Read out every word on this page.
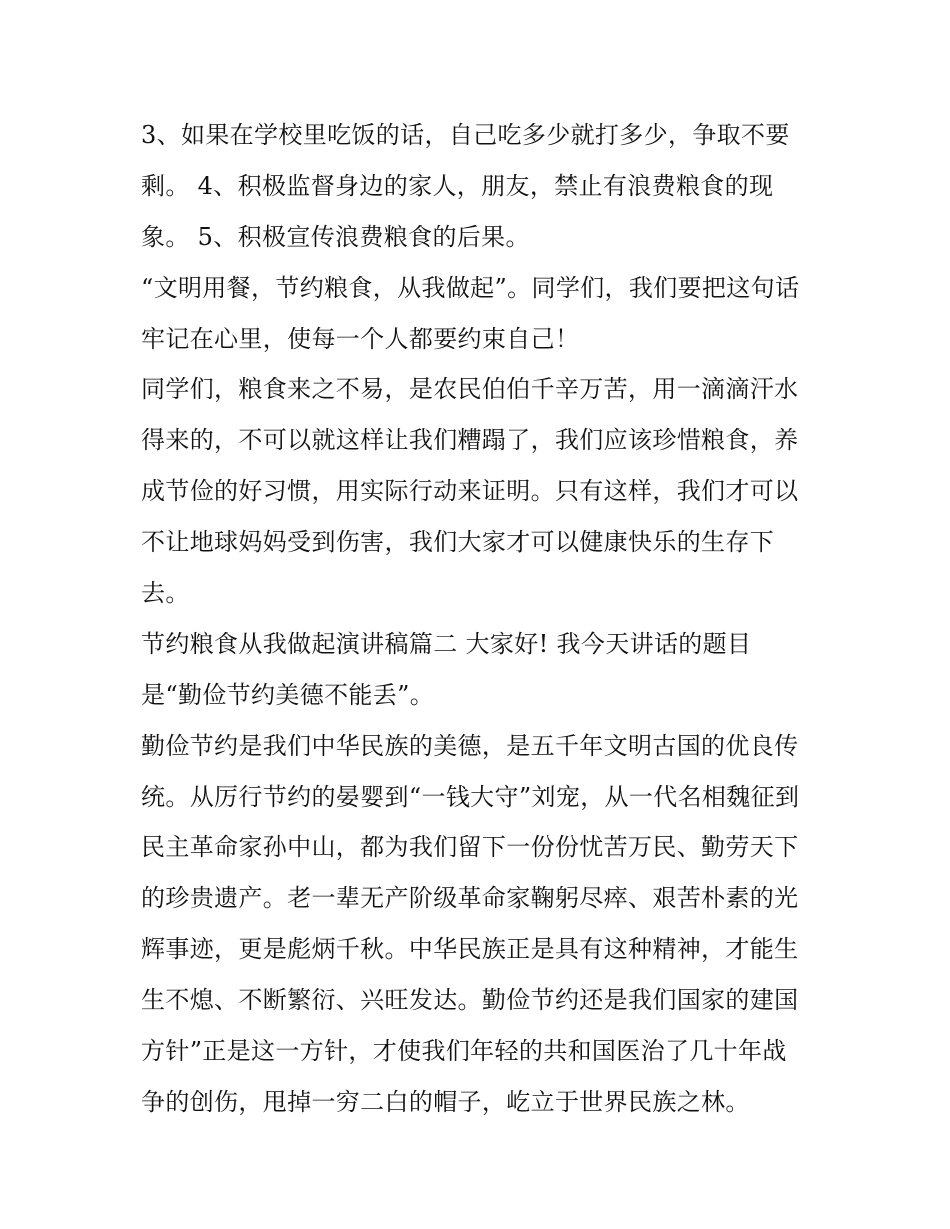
3、如果在学校里吃饭的话，自己吃多少就打多少，争取不要
剩。 4、积极监督身边的家人，朋友，禁止有浪费粮食的现
象。 5、积极宣传浪费粮食的后果。
“文明用餐，节约粮食，从我做起”。同学们，我们要把这句话
牢记在心里，使每一个人都要约束自己！
同学们，粮食来之不易，是农民伯伯千辛万苦，用一滴滴汗水
得来的，不可以就这样让我们糟蹋了，我们应该珍惜粮食，养
成节俭的好习惯，用实际行动来证明。只有这样，我们才可以
不让地球妈妈受到伤害，我们大家才可以健康快乐的生存下
去。
节约粮食从我做起演讲稿篇二 大家好! 我今天讲话的题目
是“勤俭节约美德不能丢”。
勤俭节约是我们中华民族的美德，是五千年文明古国的优良传
统。从厉行节约的晏婴到“一钱大守”刘宠，从一代名相魏征到
民主革命家孙中山，都为我们留下一份份忧苦万民、勤劳天下
的珍贵遗产。老一辈无产阶级革命家鞠躬尽瘁、艰苦朴素的光
辉事迹，更是彪炳千秋。中华民族正是具有这种精神，才能生
生不熄、不断繁衍、兴旺发达。勤俭节约还是我们国家的建国
方针”正是这一方针，才使我们年轻的共和国医治了几十年战
争的创伤，甩掉一穷二白的帽子，屹立于世界民族之林。
